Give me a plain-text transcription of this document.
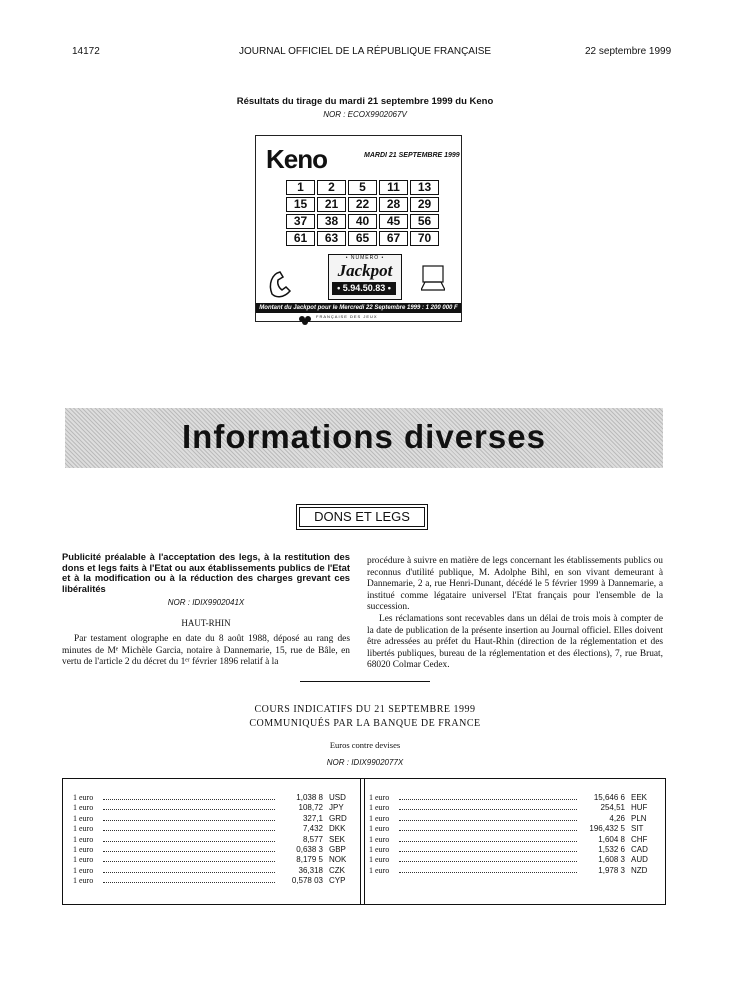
14172	JOURNAL OFFICIEL DE LA RÉPUBLIQUE FRANÇAISE	22 septembre 1999
Résultats du tirage du mardi 21 septembre 1999 du Keno
NOR : ECOX9902067V
Keno	MARDI 21 SEPTEMBRE 1999
1	2	5	11	13
15	21	22	28	29
37	38	40	45	56
61	63	65	67	70
• NUMÉRO •
Jackpot
• 5.94.50.83 •
Montant du Jackpot pour le Mercredi 22 Septembre 1999 : 1 200 000 F
FRANÇAISE DES JEUX
Informations diverses
DONS ET LEGS
Publicité préalable à l'acceptation des legs, à la restitution des dons et legs faits à l'Etat ou aux établissements publics de l'Etat et à la modification ou à la réduction des charges grevant ces libéralités
NOR : IDIX9902041X
HAUT-RHIN
Par testament olographe en date du 8 août 1988, déposé au rang des minutes de Mᵉ Michèle Garcia, notaire à Dannemarie, 15, rue de Bâle, en vertu de l'article 2 du décret du 1ᵉʳ février 1896 relatif à la
procédure à suivre en matière de legs concernant les établissements publics ou reconnus d'utilité publique, M. Adolphe Bihl, en son vivant demeurant à Dannemarie, 2 a, rue Henri-Dunant, décédé le 5 février 1999 à Dannemarie, a institué comme légataire universel l'Etat français pour l'ensemble de la succession.
Les réclamations sont recevables dans un délai de trois mois à compter de la date de publication de la présente insertion au Journal officiel. Elles doivent être adressées au préfet du Haut-Rhin (direction de la réglementation et des libertés publiques, bureau de la réglementation et des élections), 7, rue Bruat, 68020 Colmar Cedex.
COURS INDICATIFS DU 21 SEPTEMBRE 1999
COMMUNIQUÉS PAR LA BANQUE DE FRANCE
Euros contre devises
NOR : IDIX9902077X
1 euro	1,038 8 USD
1 euro	108,72 JPY
1 euro	327,1 GRD
1 euro	7,432 DKK
1 euro	8,577 SEK
1 euro	0,638 3 GBP
1 euro	8,179 5 NOK
1 euro	36,318 CZK
1 euro	0,578 03 CYP
1 euro	15,646 6 EEK
1 euro	254,51 HUF
1 euro	4,26 PLN
1 euro	196,432 5 SIT
1 euro	1,604 8 CHF
1 euro	1,532 6 CAD
1 euro	1,608 3 AUD
1 euro	1,978 3 NZD
